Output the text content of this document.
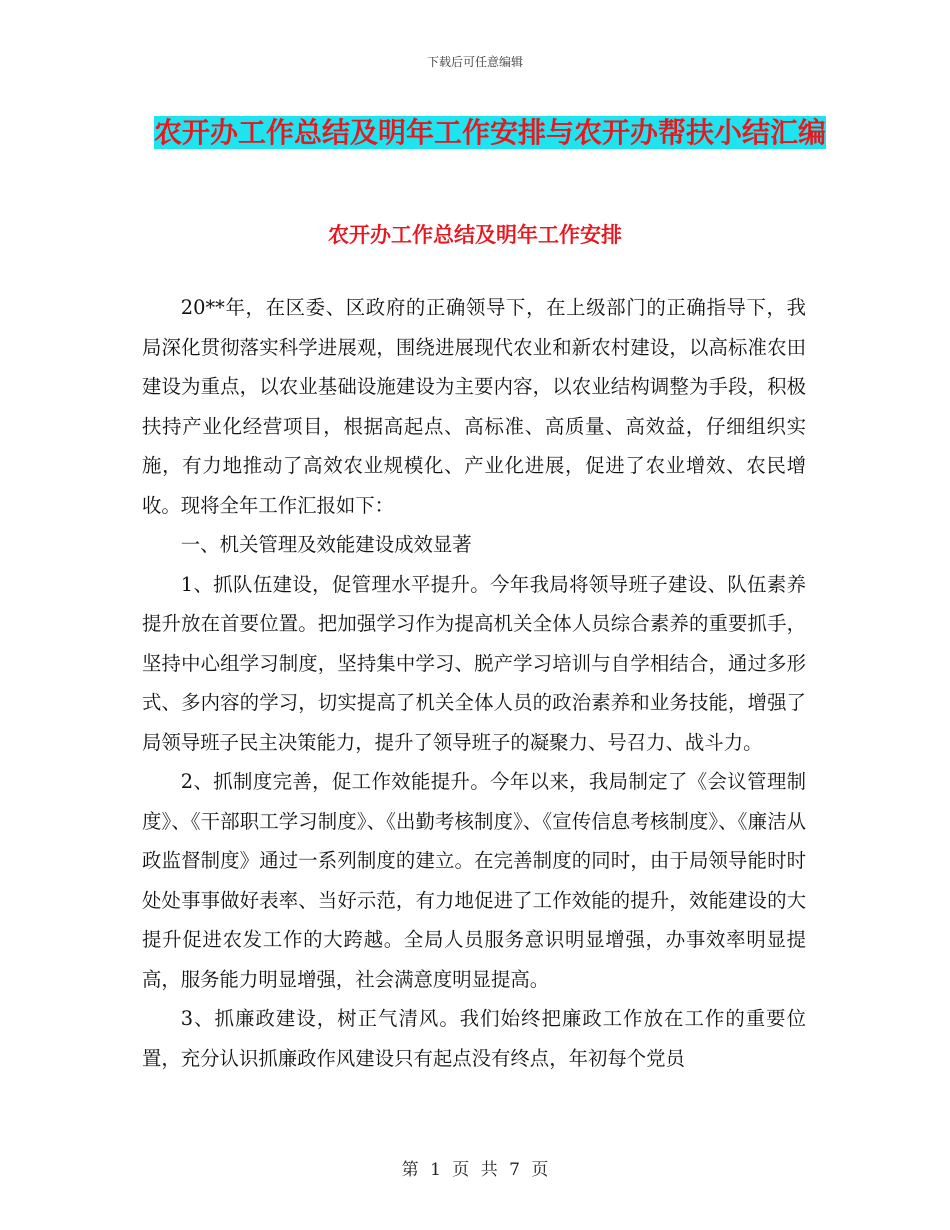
下载后可任意编辑
农开办工作总结及明年工作安排与农开办帮扶小结汇编
农开办工作总结及明年工作安排

20**年，在区委、区政府的正确领导下，在上级部门的正确指导下，我局深化贯彻落实科学进展观，围绕进展现代农业和新农村建设，以高标准农田建设为重点，以农业基础设施建设为主要内容，以农业结构调整为手段，积极扶持产业化经营项目，根据高起点、高标准、高质量、高效益，仔细组织实施，有力地推动了高效农业规模化、产业化进展，促进了农业增效、农民增收。现将全年工作汇报如下：

一、机关管理及效能建设成效显著

1、抓队伍建设，促管理水平提升。今年我局将领导班子建设、队伍素养提升放在首要位置。把加强学习作为提高机关全体人员综合素养的重要抓手，坚持中心组学习制度，坚持集中学习、脱产学习培训与自学相结合，通过多形式、多内容的学习，切实提高了机关全体人员的政治素养和业务技能，增强了局领导班子民主决策能力，提升了领导班子的凝聚力、号召力、战斗力。

2、抓制度完善，促工作效能提升。今年以来，我局制定了《会议管理制度》、《干部职工学习制度》、《出勤考核制度》、《宣传信息考核制度》、《廉洁从政监督制度》通过一系列制度的建立。在完善制度的同时，由于局领导能时时处处事事做好表率、当好示范，有力地促进了工作效能的提升，效能建设的大提升促进农发工作的大跨越。全局人员服务意识明显增强，办事效率明显提高，服务能力明显增强，社会满意度明显提高。

3、抓廉政建设，树正气清风。我们始终把廉政工作放在工作的重要位置，充分认识抓廉政作风建设只有起点没有终点，年初每个党员

第 1 页 共 7 页
